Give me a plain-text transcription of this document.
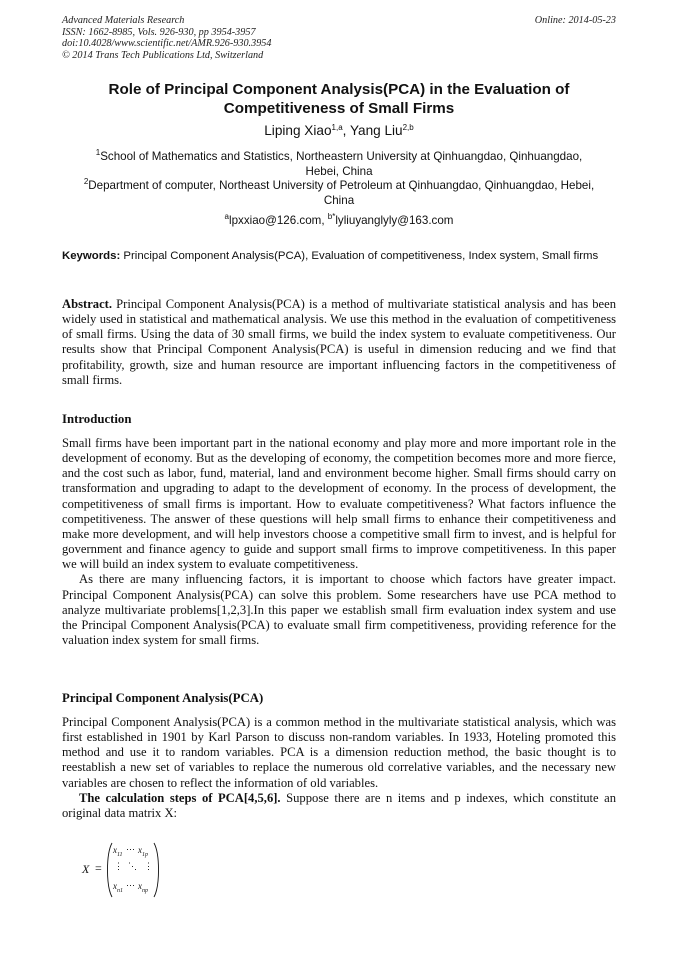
Advanced Materials Research
ISSN: 1662-8985, Vols. 926-930, pp 3954-3957
doi:10.4028/www.scientific.net/AMR.926-930.3954
© 2014 Trans Tech Publications Ltd, Switzerland
Online: 2014-05-23
Role of Principal Component Analysis(PCA) in the Evaluation of
Competitiveness of Small Firms
Liping Xiao$^{1,a}$, Yang Liu$^{2,b}$
$^1$School of Mathematics and Statistics, Northeastern University at Qinhuangdao, Qinhuangdao,
Hebei, China
$^2$Department of computer, Northeast University of Petroleum at Qinhuangdao, Qinhuangdao, Hebei,
China
$^a$lpxxiao@126.com, $^{b*}$lyliuyanglyly@163.com
Keywords: Principal Component Analysis(PCA), Evaluation of competitiveness, Index system, Small firms

Abstract. Principal Component Analysis(PCA) is a method of multivariate statistical analysis and has been widely used in statistical and mathematical analysis. We use this method in the evaluation of competitiveness of small firms. Using the data of 30 small firms, we build the index system to evaluate competitiveness. Our results show that Principal Component Analysis(PCA) is useful in dimension reducing and we find that profitability, growth, size and human resource are important influencing factors in the competitiveness of small firms.

Introduction

Small firms have been important part in the national economy and play more and more important role in the development of economy. But as the developing of economy, the competition becomes more and more fierce, and the cost such as labor, fund, material, land and environment become higher. Small firms should carry on transformation and upgrading to adapt to the development of economy. In the process of development, the competitiveness of small firms is important. How to evaluate competitiveness? What factors influence the competitiveness. The answer of these questions will help small firms to enhance their competitiveness and make more development, and will help investors choose a competitive small firm to invest, and is helpful for government and finance agency to guide and support small firms to improve competitiveness. In this paper we will build an index system to evaluate competitiveness.

As there are many influencing factors, it is important to choose which factors have greater impact. Principal Component Analysis(PCA) can solve this problem. Some researchers have use PCA method to analyze multivariate problems[1,2,3].In this paper we establish small firm evaluation index system and use the Principal Component Analysis(PCA) to evaluate small firm competitiveness, providing reference for the valuation index system for small firms.

Principal Component Analysis(PCA)

Principal Component Analysis(PCA) is a common method in the multivariate statistical analysis, which was first established in 1901 by Karl Parson to discuss non-random variables. In 1933, Hoteling promoted this method and use it to random variables. PCA is a dimension reduction method, the basic thought is to reestablish a new set of variables to replace the numerous old correlative variables, and the necessary new variables are chosen to reflect the information of old variables.

The calculation steps of PCA[4,5,6]. Suppose there are n items and p indexes, which constitute an original data matrix X:

X =
$x_{11}$
⋯ $x_{1p}$
⋮ ⋱ ⋮
$x_{n1}$
⋯ $x_{np}$
